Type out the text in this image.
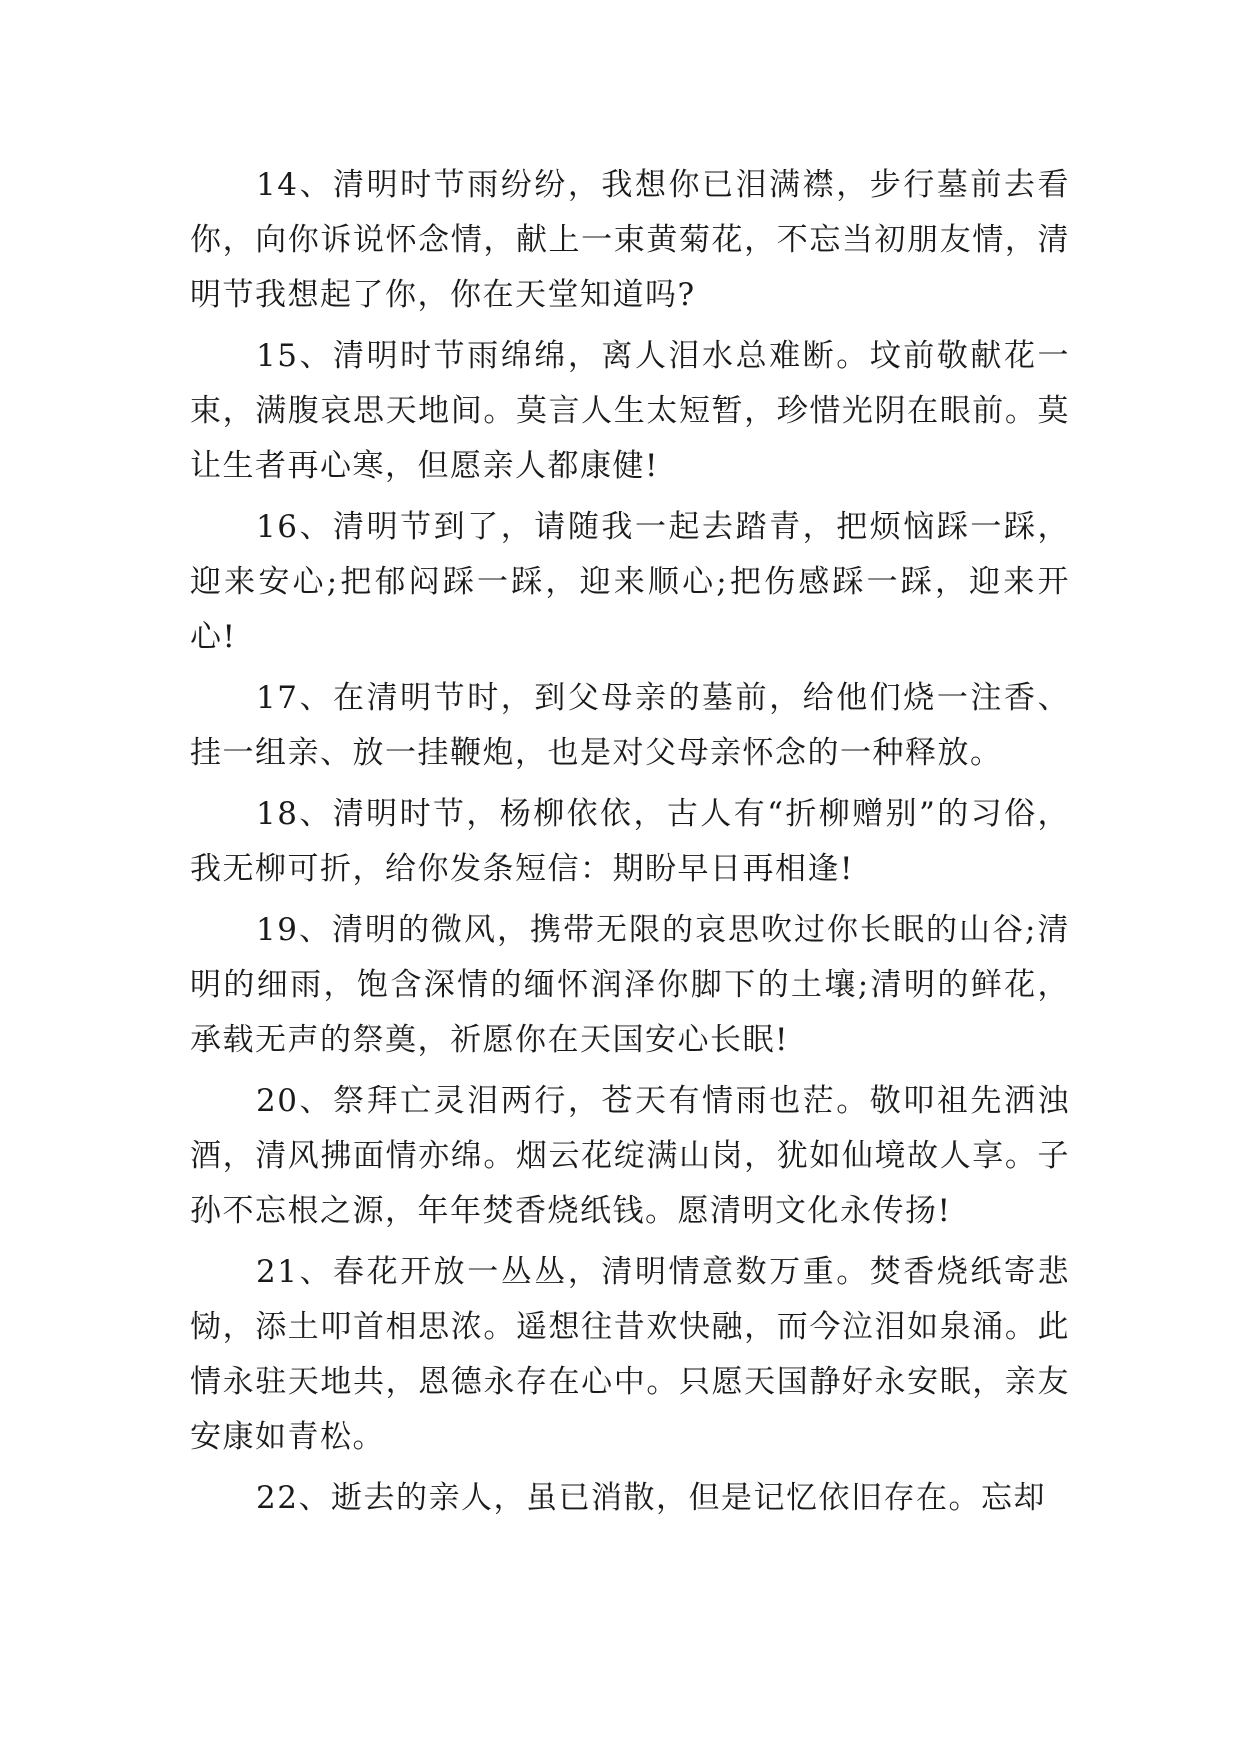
14、清明时节雨纷纷，我想你已泪满襟，步行墓前去看你，向你诉说怀念情，献上一束黄菊花，不忘当初朋友情，清明节我想起了你，你在天堂知道吗?

15、清明时节雨绵绵，离人泪水总难断。坟前敬献花一束，满腹哀思天地间。莫言人生太短暂，珍惜光阴在眼前。莫让生者再心寒，但愿亲人都康健!

16、清明节到了，请随我一起去踏青，把烦恼踩一踩，迎来安心;把郁闷踩一踩，迎来顺心;把伤感踩一踩，迎来开心!

17、在清明节时，到父母亲的墓前，给他们烧一注香、挂一组亲、放一挂鞭炮，也是对父母亲怀念的一种释放。

18、清明时节，杨柳依依，古人有“折柳赠别”的习俗，我无柳可折，给你发条短信：期盼早日再相逢!

19、清明的微风，携带无限的哀思吹过你长眠的山谷;清明的细雨，饱含深情的缅怀润泽你脚下的土壤;清明的鲜花，承载无声的祭奠，祈愿你在天国安心长眠!

20、祭拜亡灵泪两行，苍天有情雨也茫。敬叩祖先洒浊酒，清风拂面情亦绵。烟云花绽满山岗，犹如仙境故人享。子孙不忘根之源，年年焚香烧纸钱。愿清明文化永传扬!

21、春花开放一丛丛，清明情意数万重。焚香烧纸寄悲恸，添土叩首相思浓。遥想往昔欢快融，而今泣泪如泉涌。此情永驻天地共，恩德永存在心中。只愿天国静好永安眠，亲友安康如青松。

22、逝去的亲人，虽已消散，但是记忆依旧存在。忘却
